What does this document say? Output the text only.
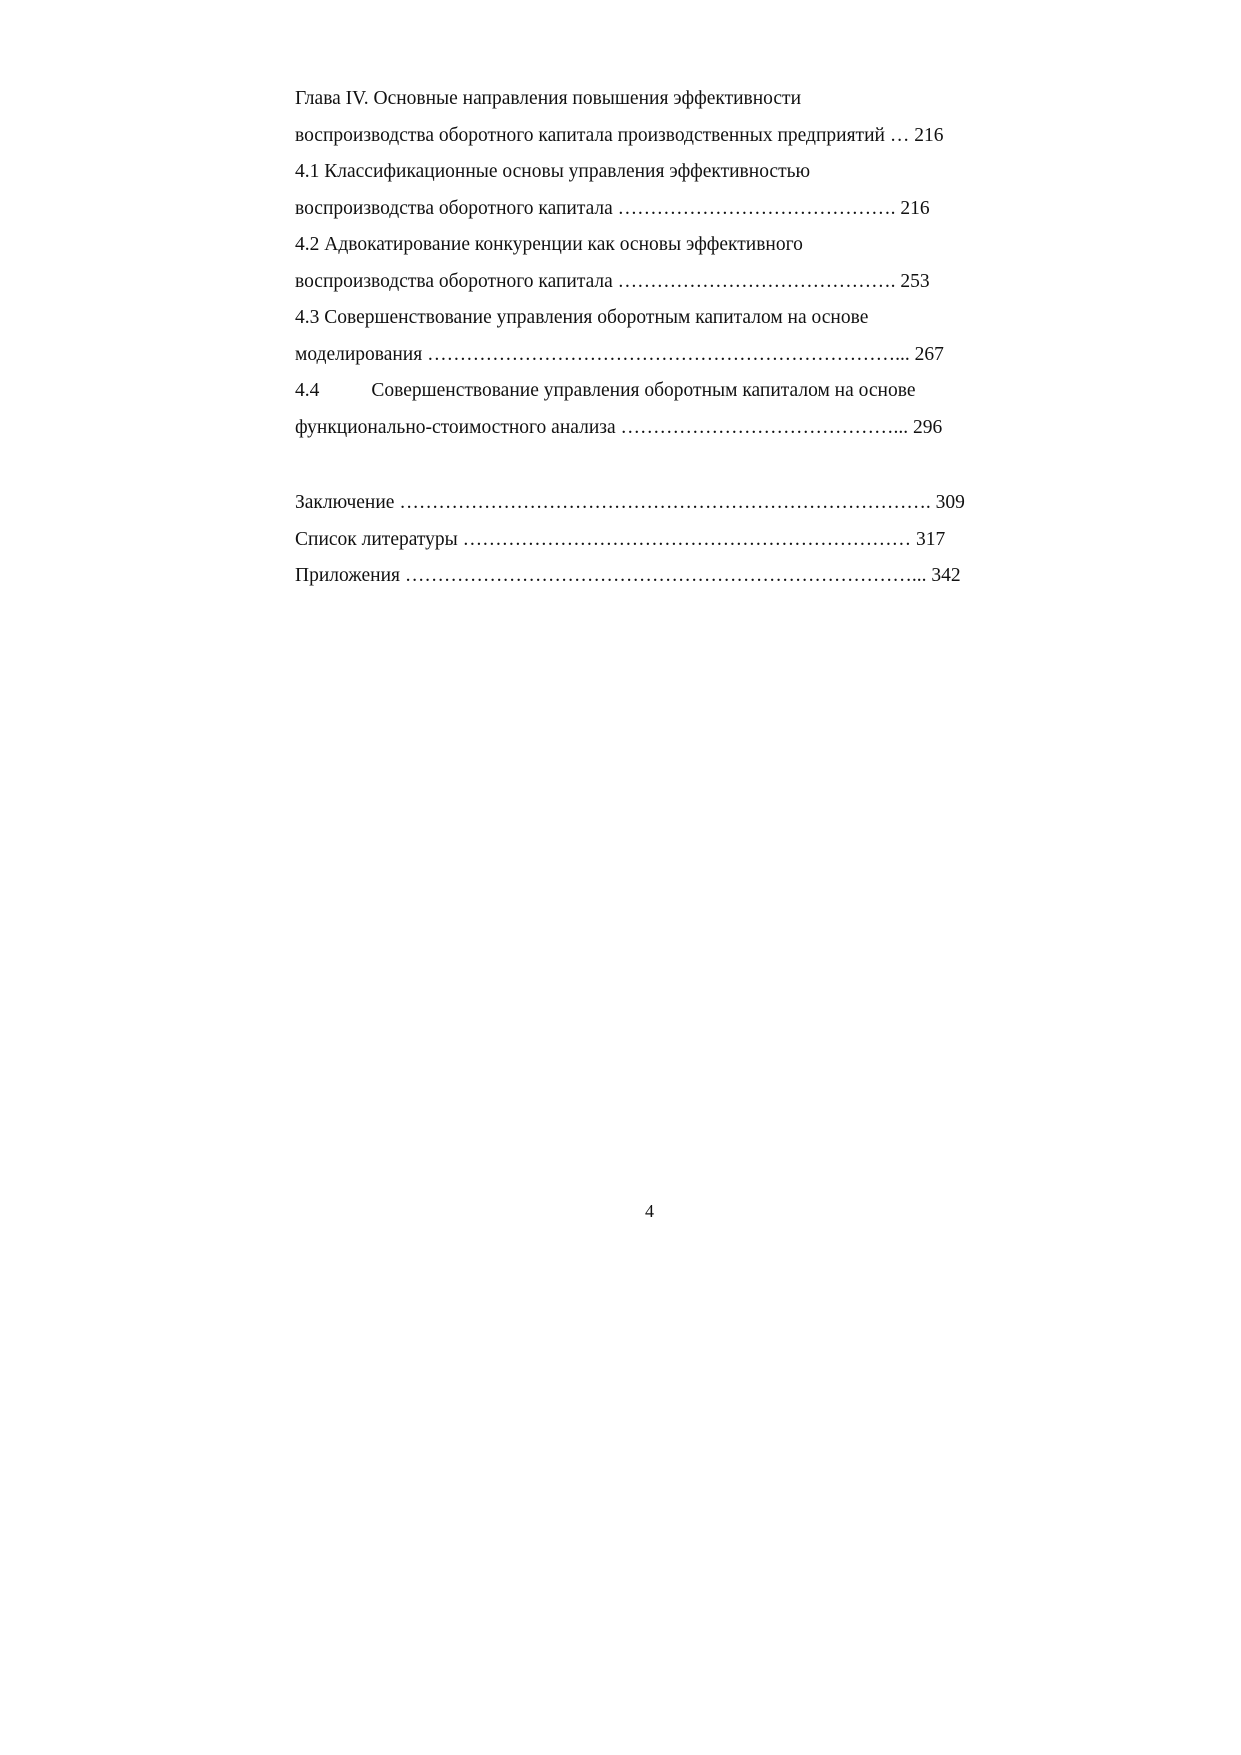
Глава IV. Основные направления повышения эффективности
воспроизводства оборотного капитала производственных предприятий … 216
4.1 Классификационные основы управления эффективностью
воспроизводства оборотного капитала ……………………………………. 216
4.2 Адвокатирование конкуренции как основы эффективного
воспроизводства оборотного капитала ……………………………………. 253
4.3 Совершенствование управления оборотным капиталом на основе
моделирования ………………………………………………………………... 267
4.4	Совершенствование управления оборотным капиталом на основе
функционально-стоимостного анализа ……………………………………... 296
Заключение ………………………………………………………………………. 309
Список литературы …………………………………………………………… 317
Приложения ……………………………………………………………………... 342
4
